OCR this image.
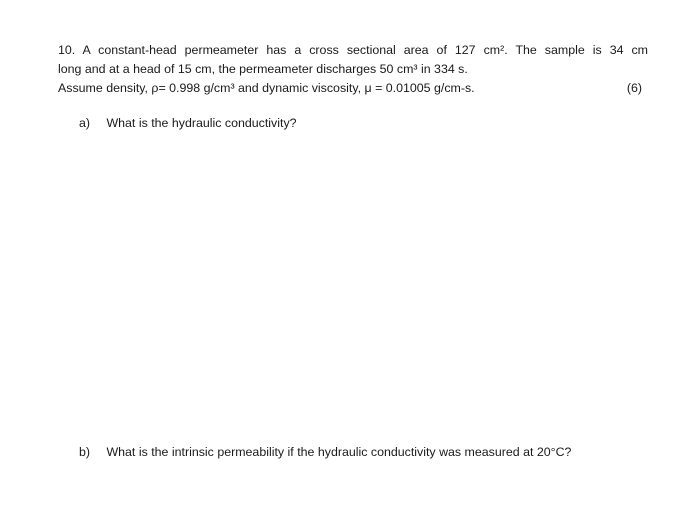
10. A constant-head permeameter has a cross sectional area of 127 cm². The sample is 34 cm
long and at a head of 15 cm, the permeameter discharges 50 cm³ in 334 s.
Assume density, ρ= 0.998 g/cm³ and dynamic viscosity, μ = 0.01005 g/cm-s.	(6)
a) What is the hydraulic conductivity?
b) What is the intrinsic permeability if the hydraulic conductivity was measured at 20°C?
